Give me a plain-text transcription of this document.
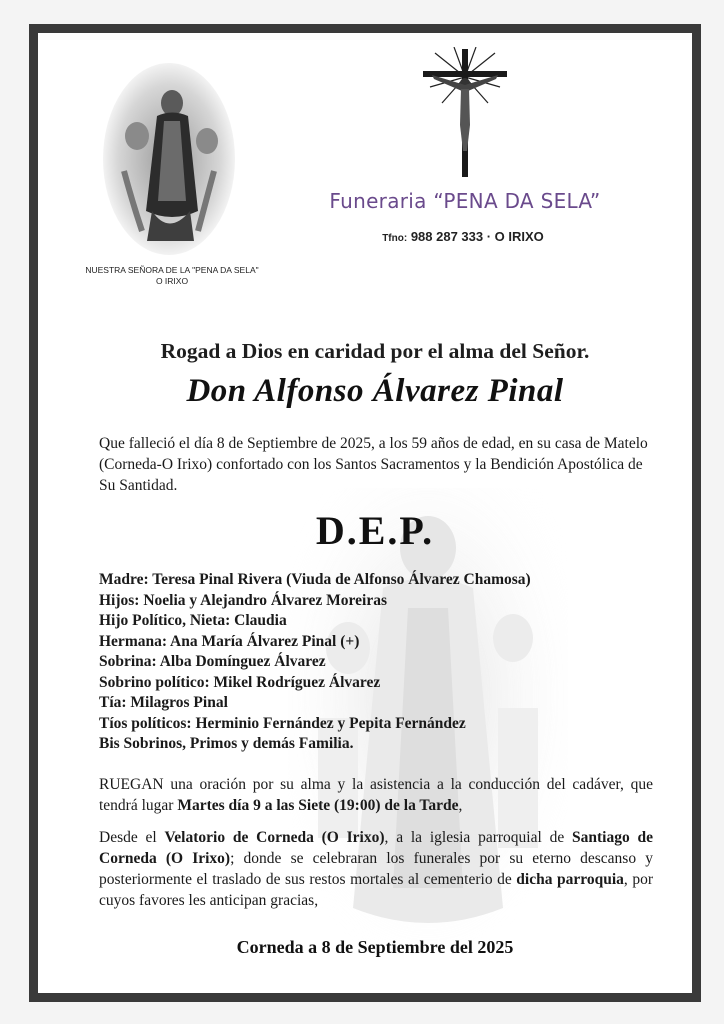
NUESTRA SEÑORA DE LA "PENA DA SELA"
O IRIXO
Funeraria “PENA DA SELA”
Tfno: 988 287 333 · O IRIXO
Rogad a Dios en caridad por el alma del Señor.
Don Alfonso Álvarez Pinal
Que falleció el día 8 de Septiembre de 2025, a los 59 años de edad, en su casa de Matelo (Corneda-O Irixo) confortado con los Santos Sacramentos y la Bendición Apostólica de Su Santidad.
D.E.P.
Madre: Teresa Pinal Rivera (Viuda de Alfonso Álvarez Chamosa)
Hijos: Noelia y Alejandro Álvarez Moreiras
Hijo Político, Nieta: Claudia
Hermana: Ana María Álvarez Pinal (+)
Sobrina: Alba Domínguez Álvarez
Sobrino político: Mikel Rodríguez Álvarez
Tía: Milagros Pinal
Tíos políticos: Herminio Fernández y Pepita Fernández
Bis Sobrinos, Primos y demás Familia.

RUEGAN una oración por su alma y la asistencia a la conducción del cadáver, que tendrá lugar Martes día 9 a las Siete (19:00) de la Tarde,

Desde el Velatorio de Corneda (O Irixo), a la iglesia parroquial de Santiago de Corneda (O Irixo); donde se celebraran los funerales por su eterno descanso y posteriormente el traslado de sus restos mortales al cementerio de dicha parroquia, por cuyos favores les anticipan gracias,

Corneda a 8 de Septiembre del 2025
